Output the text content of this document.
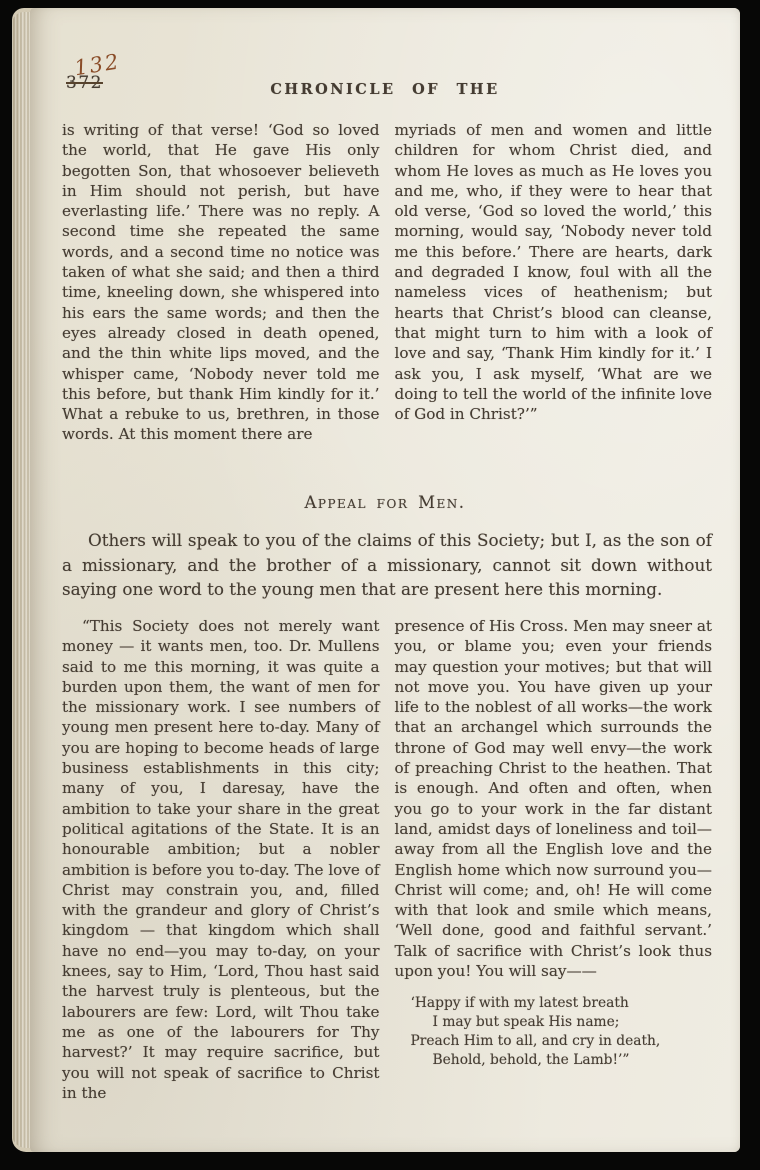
132
372	CHRONICLE OF THE

is writing of that verse! ‘God so loved the world, that He gave His only begotten Son, that whosoever believeth in Him should not perish, but have everlasting life.’ There was no reply. A second time she repeated the same words, and a second time no notice was taken of what she said; and then a third time, kneeling down, she whispered into his ears the same words; and then the eyes already closed in death opened, and the thin white lips moved, and the whisper came, ‘Nobody never told me this before, but thank Him kindly for it.’ What a rebuke to us, brethren, in those words. At this moment there are

myriads of men and women and little children for whom Christ died, and whom He loves as much as He loves you and me, who, if they were to hear that old verse, ‘God so loved the world,’ this morning, would say, ‘Nobody never told me this before.’ There are hearts, dark and degraded I know, foul with all the nameless vices of heathenism; but hearts that Christ’s blood can cleanse, that might turn to him with a look of love and say, ‘Thank Him kindly for it.’ I ask you, I ask myself, ‘What are we doing to tell the world of the infinite love of God in Christ?’”

Appeal for Men.

Others will speak to you of the claims of this Society; but I, as the son of a missionary, and the brother of a missionary, cannot sit down without saying one word to the young men that are present here this morning.

“This Society does not merely want money — it wants men, too. Dr. Mullens said to me this morning, it was quite a burden upon them, the want of men for the missionary work. I see numbers of young men present here to-day. Many of you are hoping to become heads of large business establishments in this city; many of you, I daresay, have the ambition to take your share in the great political agitations of the State. It is an honourable ambition; but a nobler ambition is before you to-day. The love of Christ may constrain you, and, filled with the grandeur and glory of Christ’s kingdom — that kingdom which shall have no end—you may to-day, on your knees, say to Him, ‘Lord, Thou hast said the harvest truly is plenteous, but the labourers are few: Lord, wilt Thou take me as one of the labourers for Thy harvest?’ It may require sacrifice, but you will not speak of sacrifice to Christ in the

presence of His Cross. Men may sneer at you, or blame you; even your friends may question your motives; but that will not move you. You have given up your life to the noblest of all works—the work that an archangel which surrounds the throne of God may well envy—the work of preaching Christ to the heathen. That is enough. And often and often, when you go to your work in the far distant land, amidst days of loneliness and toil—away from all the English love and the English home which now surround you—Christ will come; and, oh! He will come with that look and smile which means, ‘Well done, good and faithful servant.’ Talk of sacrifice with Christ’s look thus upon you! You will say——

‘Happy if with my latest breath
I may but speak His name;
Preach Him to all, and cry in death,
Behold, behold, the Lamb!’”
